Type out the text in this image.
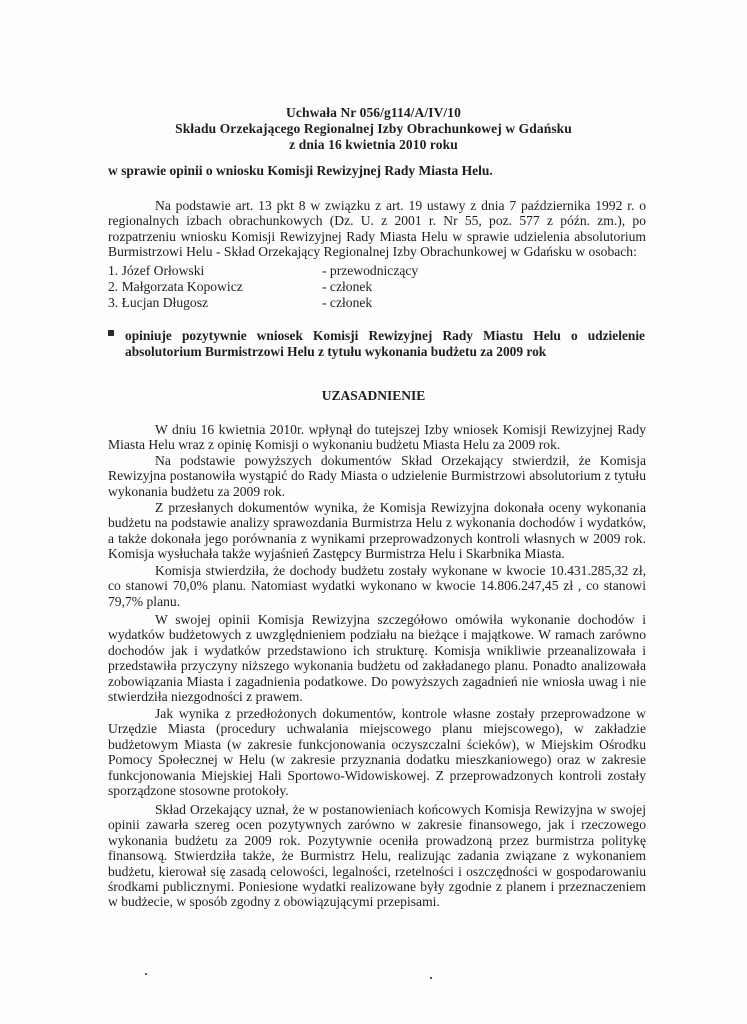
Uchwała Nr 056/g114/A/IV/10
Składu Orzekającego Regionalnej Izby Obrachunkowej w Gdańsku
z dnia 16 kwietnia 2010 roku
w sprawie opinii o wniosku Komisji Rewizyjnej Rady Miasta Helu.
Na podstawie art. 13 pkt 8 w związku z art. 19 ustawy z dnia 7 października 1992 r. o regionalnych izbach obrachunkowych (Dz. U. z 2001 r. Nr 55, poz. 577 z późn. zm.), po rozpatrzeniu wniosku Komisji Rewizyjnej Rady Miasta Helu w sprawie udzielenia absolutorium Burmistrzowi Helu - Skład Orzekający Regionalnej Izby Obrachunkowej w Gdańsku w osobach:
1. Józef Orłowski	- przewodniczący
2. Małgorzata Kopowicz	- członek
3. Łucjan Długosz	- członek
opiniuje pozytywnie wniosek Komisji Rewizyjnej Rady Miastu Helu o udzielenie absolutorium Burmistrzowi Helu z tytułu wykonania budżetu za 2009 rok
UZASADNIENIE
W dniu 16 kwietnia 2010r. wpłynął do tutejszej Izby wniosek Komisji Rewizyjnej Rady Miasta Helu wraz z opinię Komisji o wykonaniu budżetu Miasta Helu za 2009 rok.
Na podstawie powyższych dokumentów Skład Orzekający stwierdził, że Komisja Rewizyjna postanowiła wystąpić do Rady Miasta o udzielenie Burmistrzowi absolutorium z tytułu wykonania budżetu za 2009 rok.
Z przesłanych dokumentów wynika, że Komisja Rewizyjna dokonała oceny wykonania budżetu na podstawie analizy sprawozdania Burmistrza Helu z wykonania dochodów i wydatków, a także dokonała jego porównania z wynikami przeprowadzonych kontroli własnych w 2009 rok. Komisja wysłuchała także wyjaśnień Zastępcy Burmistrza Helu i Skarbnika Miasta.
Komisja stwierdziła, że dochody budżetu zostały wykonane w kwocie 10.431.285,32 zł, co stanowi 70,0% planu. Natomiast wydatki wykonano w kwocie 14.806.247,45 zł , co stanowi 79,7% planu.
W swojej opinii Komisja Rewizyjna szczegółowo omówiła wykonanie dochodów i wydatków budżetowych z uwzględnieniem podziału na bieżące i majątkowe. W ramach zarówno dochodów jak i wydatków przedstawiono ich strukturę. Komisja wnikliwie przeanalizowała i przedstawiła przyczyny niższego wykonania budżetu od zakładanego planu. Ponadto analizowała zobowiązania Miasta i zagadnienia podatkowe. Do powyższych zagadnień nie wniosła uwag i nie stwierdziła niezgodności z prawem.
Jak wynika z przedłożonych dokumentów, kontrole własne zostały przeprowadzone w Urzędzie Miasta (procedury uchwalania miejscowego planu miejscowego), w zakładzie budżetowym Miasta (w zakresie funkcjonowania oczyszczalni ścieków), w Miejskim Ośrodku Pomocy Społecznej w Helu (w zakresie przyznania dodatku mieszkaniowego) oraz w zakresie funkcjonowania Miejskiej Hali Sportowo-Widowiskowej. Z przeprowadzonych kontroli zostały sporządzone stosowne protokoły.
Skład Orzekający uznał, że w postanowieniach końcowych Komisja Rewizyjna w swojej opinii zawarła szereg ocen pozytywnych zarówno w zakresie finansowego, jak i rzeczowego wykonania budżetu za 2009 rok. Pozytywnie oceniła prowadzoną przez burmistrza politykę finansową. Stwierdziła także, że Burmistrz Helu, realizując zadania związane z wykonaniem budżetu, kierował się zasadą celowości, legalności, rzetelności i oszczędności w gospodarowaniu środkami publicznymi. Poniesione wydatki realizowane były zgodnie z planem i przeznaczeniem w budżecie, w sposób zgodny z obowiązującymi przepisami.
